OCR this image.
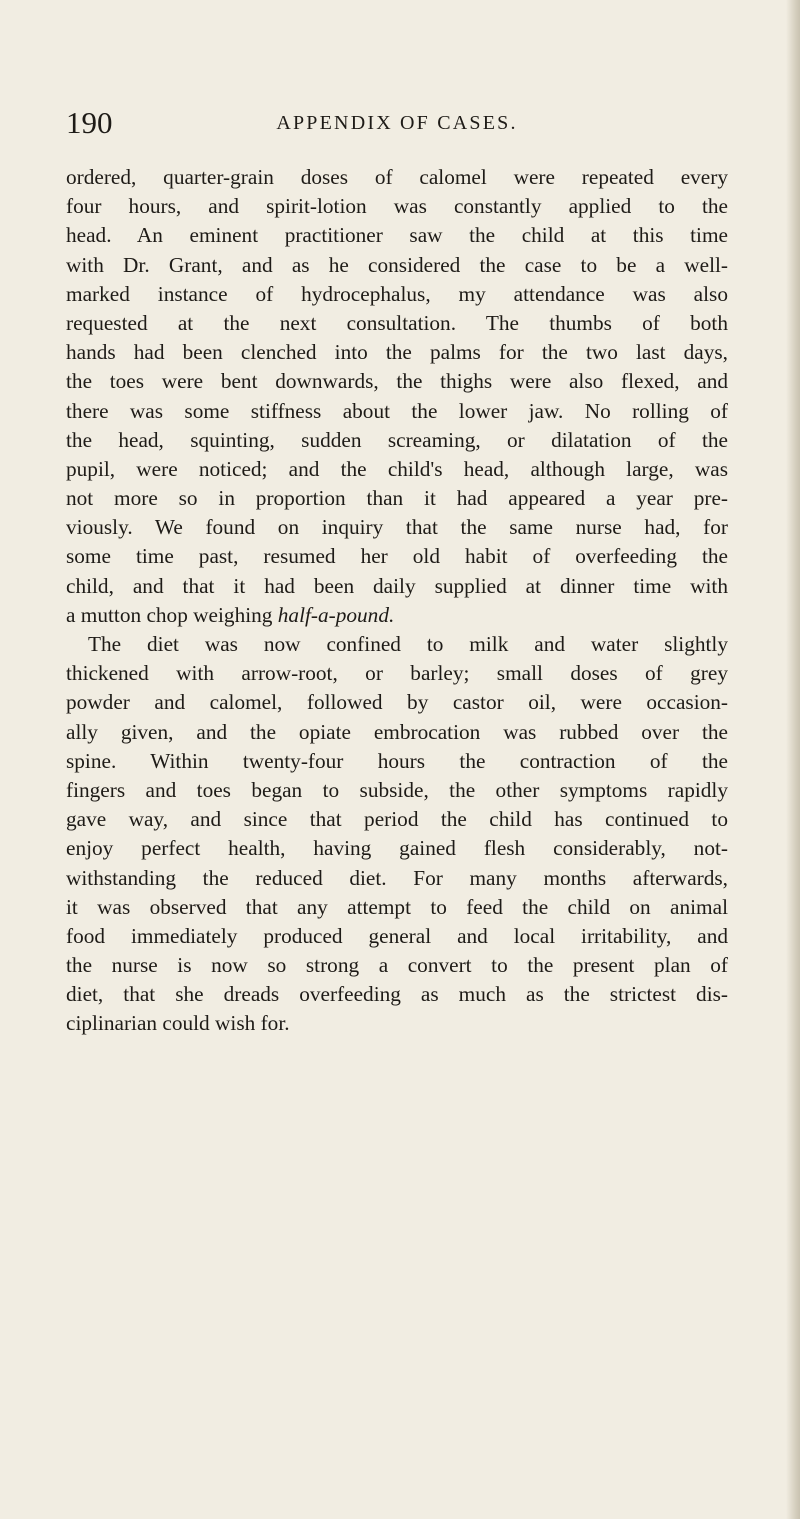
190	APPENDIX OF CASES.
ordered, quarter-grain doses of calomel were repeated every
four hours, and spirit-lotion was constantly applied to the
head. An eminent practitioner saw the child at this time
with Dr. Grant, and as he considered the case to be a well-
marked instance of hydrocephalus, my attendance was also
requested at the next consultation. The thumbs of both
hands had been clenched into the palms for the two last days,
the toes were bent downwards, the thighs were also flexed, and
there was some stiffness about the lower jaw. No rolling of
the head, squinting, sudden screaming, or dilatation of the
pupil, were noticed; and the child's head, although large, was
not more so in proportion than it had appeared a year pre-
viously. We found on inquiry that the same nurse had, for
some time past, resumed her old habit of overfeeding the
child, and that it had been daily supplied at dinner time with
a mutton chop weighing half-a-pound.
The diet was now confined to milk and water slightly
thickened with arrow-root, or barley; small doses of grey
powder and calomel, followed by castor oil, were occasion-
ally given, and the opiate embrocation was rubbed over the
spine. Within twenty-four hours the contraction of the
fingers and toes began to subside, the other symptoms rapidly
gave way, and since that period the child has continued to
enjoy perfect health, having gained flesh considerably, not-
withstanding the reduced diet. For many months afterwards,
it was observed that any attempt to feed the child on animal
food immediately produced general and local irritability, and
the nurse is now so strong a convert to the present plan of
diet, that she dreads overfeeding as much as the strictest dis-
ciplinarian could wish for.
